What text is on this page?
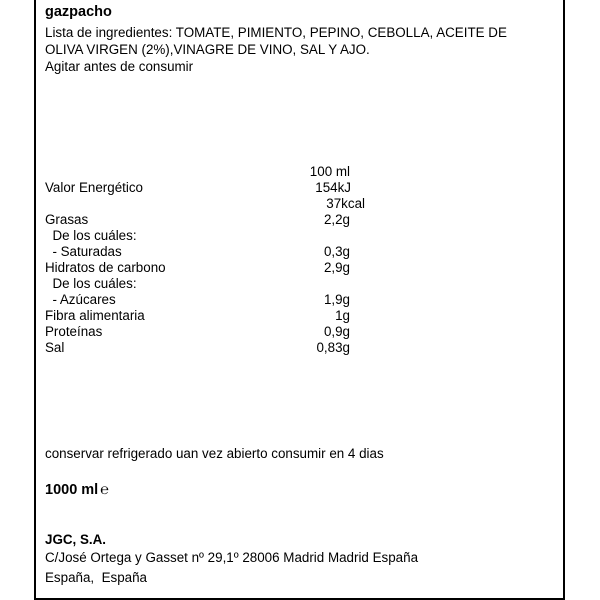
gazpacho
Lista de ingredientes: TOMATE, PIMIENTO, PEPINO, CEBOLLA, ACEITE DE
OLIVA VIRGEN (2%),VINAGRE DE VINO, SAL Y AJO.
Agitar antes de consumir
100 ml
Valor Energético	154kJ
37kcal
Grasas	2,2g
De los cuáles:
- Saturadas	0,3g
Hidratos de carbono	2,9g
De los cuáles:
- Azúcares	1,9g
Fibra alimentaria	1g
Proteínas	0,9g
Sal	0,83g
conservar refrigerado uan vez abierto consumir en 4 dias
1000 ml ℮
JGC, S.A.
C/José Ortega y Gasset nº 29,1º 28006 Madrid Madrid España
España,  España
